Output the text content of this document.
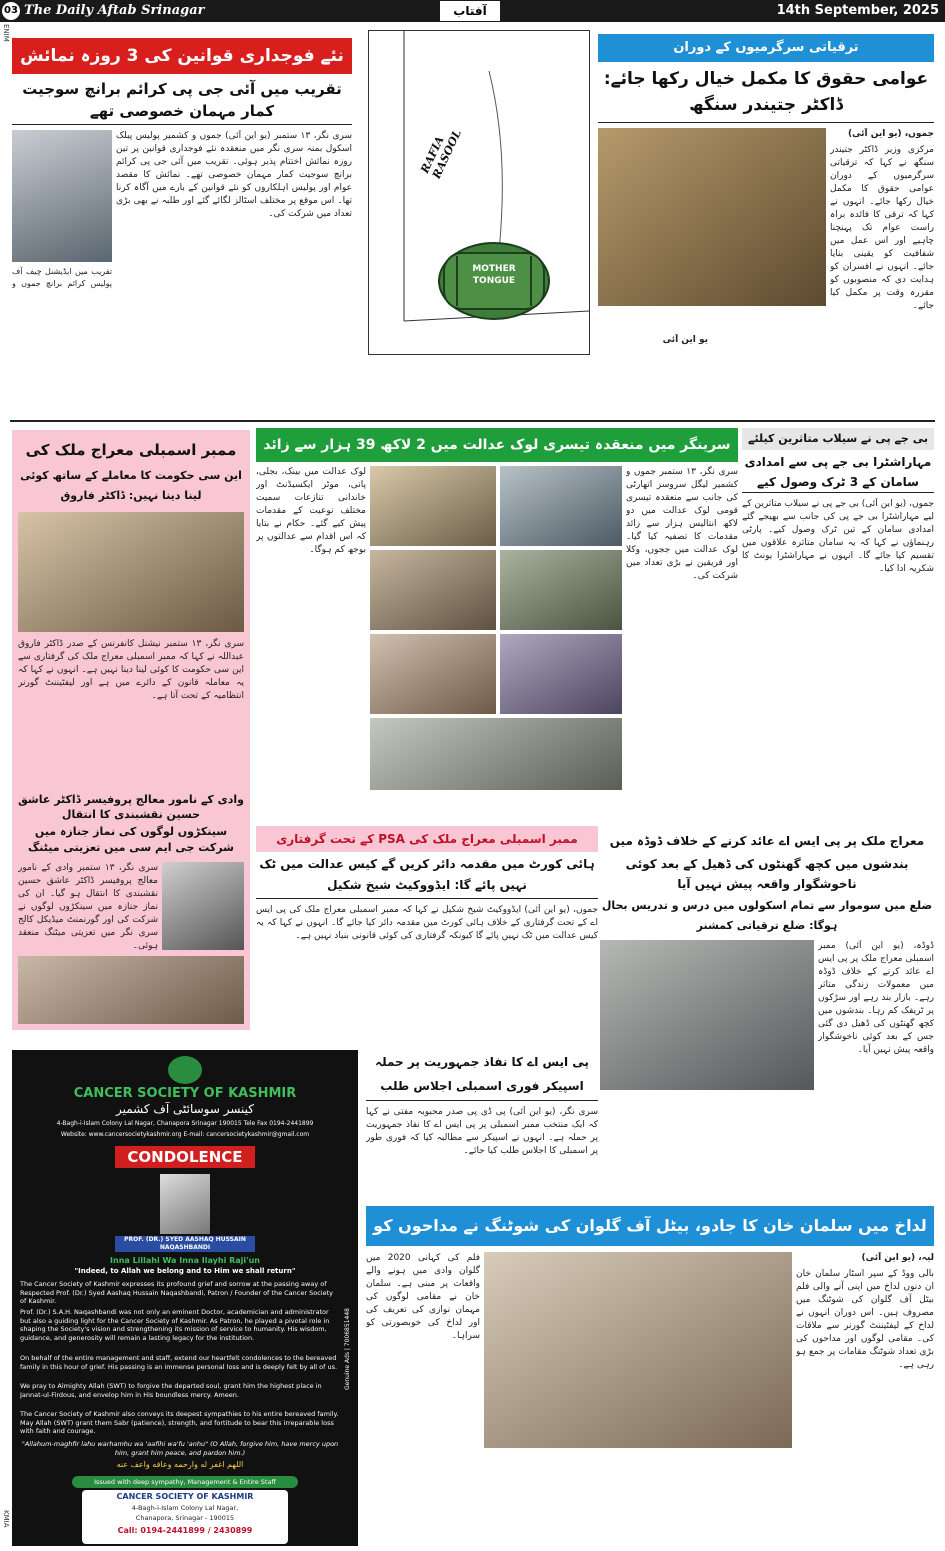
03 The Daily Aftab Srinagar	آفتاب	14th September, 2025
ENIM
KMIA
نئے فوجداری قوانین کی 3 روزہ نمائش
تقریب میں آئی جی پی کرائم برانچ سوجیت کمار مہمان خصوصی تھے
تقریب میں ایڈیشنل چیف آف پولیس کرائم برانچ جموں و
سری نگر، ۱۳ ستمبر (یو این آئی) جموں و کشمیر پولیس پبلک اسکول بمنہ سری نگر میں منعقدہ نئے فوجداری قوانین پر تین روزہ نمائش اختتام پذیر ہوئی۔ تقریب میں آئی جی پی کرائم برانچ سوجیت کمار مہمان خصوصی تھے۔ نمائش کا مقصد عوام اور پولیس اہلکاروں کو نئے قوانین کے بارے میں آگاہ کرنا تھا۔ اس موقع پر مختلف اسٹالز لگائے گئے اور طلبہ نے بھی بڑی تعداد میں شرکت کی۔
RAFIA RASOOL
MOTHER TONGUE
ترقیاتی سرگرمیوں کے دوران
عوامی حقوق کا مکمل خیال رکھا جائے: ڈاکٹر جتیندر سنگھ
جموں، (یو این آئی)
مرکزی وزیر ڈاکٹر جتیندر سنگھ نے کہا کہ ترقیاتی سرگرمیوں کے دوران عوامی حقوق کا مکمل خیال رکھا جائے۔ انہوں نے کہا کہ ترقی کا فائدہ براہ راست عوام تک پہنچنا چاہیے اور اس عمل میں شفافیت کو یقینی بنایا جائے۔ انہوں نے افسران کو ہدایت دی کہ منصوبوں کو مقررہ وقت پر مکمل کیا جائے۔
یو این آئی
ممبر اسمبلی معراج ملک کی
این سی حکومت کا معاملے کے ساتھ کوئی لینا دینا نہیں: ڈاکٹر فاروق
سری نگر، ۱۳ ستمبر نیشنل کانفرنس کے صدر ڈاکٹر فاروق عبداللہ نے کہا کہ ممبر اسمبلی معراج ملک کی گرفتاری سے این سی حکومت کا کوئی لینا دینا نہیں ہے۔ انہوں نے کہا کہ یہ معاملہ قانون کے دائرے میں ہے اور لیفٹیننٹ گورنر انتظامیہ کے تحت آتا ہے۔
وادی کے نامور معالج پروفیسر ڈاکٹر عاشق حسین نقشبندی کا انتقال
سینکڑوں لوگوں کی نماز جنازہ میں شرکت جی ایم سی میں تعزیتی میٹنگ
سری نگر، ۱۳ ستمبر وادی کے نامور معالج پروفیسر ڈاکٹر عاشق حسین نقشبندی کا انتقال ہو گیا۔ ان کی نماز جنازہ میں سینکڑوں لوگوں نے شرکت کی اور گورنمنٹ میڈیکل کالج سری نگر میں تعزیتی میٹنگ منعقد ہوئی۔
سرینگر میں منعقدہ تیسری لوک عدالت میں 2 لاکھ 39 ہزار سے زائد
سری نگر، ۱۳ ستمبر جموں و کشمیر لیگل سروسز اتھارٹی کی جانب سے منعقدہ تیسری قومی لوک عدالت میں دو لاکھ انتالیس ہزار سے زائد مقدمات کا تصفیہ کیا گیا۔ لوک عدالت میں ججوں، وکلا اور فریقین نے بڑی تعداد میں شرکت کی۔
لوک عدالت میں بینک، بجلی، پانی، موٹر ایکسیڈنٹ اور خاندانی تنازعات سمیت مختلف نوعیت کے مقدمات پیش کیے گئے۔ حکام نے بتایا کہ اس اقدام سے عدالتوں پر بوجھ کم ہوگا۔
بی جے پی نے سیلاب متاثرین کیلئے
مہاراشٹرا بی جے پی سے امدادی سامان کے 3 ٹرک وصول کیے
جموں، (یو این آئی) بی جے پی نے سیلاب متاثرین کے لیے مہاراشٹرا بی جے پی کی جانب سے بھیجے گئے امدادی سامان کے تین ٹرک وصول کیے۔ پارٹی رہنماؤں نے کہا کہ یہ سامان متاثرہ علاقوں میں تقسیم کیا جائے گا۔ انہوں نے مہاراشٹرا یونٹ کا شکریہ ادا کیا۔
ممبر اسمبلی معراج ملک کی PSA کے تحت گرفتاری
ہائی کورٹ میں مقدمہ دائر کریں گے کیس عدالت میں ٹک نہیں پائے گا: ایڈووکیٹ شیخ شکیل
جموں، (یو این آئی) ایڈووکیٹ شیخ شکیل نے کہا کہ ممبر اسمبلی معراج ملک کی پی ایس اے کے تحت گرفتاری کے خلاف ہائی کورٹ میں مقدمہ دائر کیا جائے گا۔ انہوں نے کہا کہ یہ کیس عدالت میں ٹک نہیں پائے گا کیونکہ گرفتاری کی کوئی قانونی بنیاد نہیں ہے۔
معراج ملک پر پی ایس اے عائد کرنے کے خلاف ڈوڈہ میں
بندشوں میں کچھ گھنٹوں کی ڈھیل کے بعد کوئی ناخوشگوار واقعہ پیش نہیں آیا
ضلع میں سوموار سے تمام اسکولوں میں درس و تدریس بحال ہوگا: ضلع ترقیاتی کمشنر
ڈوڈہ، (یو این آئی) ممبر اسمبلی معراج ملک پر پی ایس اے عائد کرنے کے خلاف ڈوڈہ میں معمولات زندگی متاثر رہے۔ بازار بند رہے اور سڑکوں پر ٹریفک کم رہا۔ بندشوں میں کچھ گھنٹوں کی ڈھیل دی گئی جس کے بعد کوئی ناخوشگوار واقعہ پیش نہیں آیا۔
پی ایس اے کا نفاذ جمہوریت پر حملہ اسپیکر فوری اسمبلی اجلاس طلب
سری نگر، (یو این آئی) پی ڈی پی صدر محبوبہ مفتی نے کہا کہ ایک منتخب ممبر اسمبلی پر پی ایس اے کا نفاذ جمہوریت پر حملہ ہے۔ انہوں نے اسپیکر سے مطالبہ کیا کہ فوری طور پر اسمبلی کا اجلاس طلب کیا جائے۔
CANCER SOCIETY OF KASHMIR
کینسر سوسائٹی آف کشمیر
4-Bagh-i-Islam Colony Lal Nagar, Chanapora Srinagar 190015 Tele Fax 0194-2441899
Website: www.cancersocietykashmir.org E-mail: cancersocietykashmir@gmail.com
CONDOLENCE
PROF. (DR.) SYED AASHAQ HUSSAIN NAQASHBANDI
Inna Lillahi Wa Inna Ilayhi Raji'un
"Indeed, to Allah we belong and to Him we shall return"
The Cancer Society of Kashmir expresses its profound grief and sorrow at the passing away of Respected Prof. (Dr.) Syed Aashaq Hussain Naqashbandi, Patron / Founder of the Cancer Society of Kashmir.
Prof. (Dr.) S.A.H. Naqashbandi was not only an eminent Doctor, academician and administrator but also a guiding light for the Cancer Society of Kashmir. As Patron, he played a pivotal role in shaping the Society's vision and strengthening its mission of service to humanity. His wisdom, guidance, and generosity will remain a lasting legacy for the institution.
On behalf of the entire management and staff, extend our heartfelt condolences to the bereaved family in this hour of grief. His passing is an immense personal loss and is deeply felt by all of us.
We pray to Almighty Allah (SWT) to forgive the departed soul, grant him the highest place in Jannat-ul-Firdous, and envelop him in His boundless mercy. Ameen.
The Cancer Society of Kashmir also conveys its deepest sympathies to his entire bereaved family. May Allah (SWT) grant them Sabr (patience), strength, and fortitude to bear this irreparable loss with faith and courage.
"Allahum-maghfir lahu warhamhu wa 'aafihi wa'fu 'anhu" (O Allah, forgive him, have mercy upon him, grant him peace, and pardon him.)
اللهم اغفر له وارحمه وعافه واعف عنه
Issued with deep sympathy, Management & Entire Staff
CANCER SOCIETY OF KASHMIR
4-Bagh-i-Islam Colony Lal Nagar,
Chanapora, Srinagar - 190015
Call: 0194-2441899 / 2430899
Genuine Ads | 7006851448
لداخ میں سلمان خان کا جادو، بیٹل آف گلوان کی شوٹنگ نے مداحوں کو
لیہ، (یو این آئی)
بالی ووڈ کے سپر اسٹار سلمان خان ان دنوں لداخ میں اپنی آنے والی فلم بیٹل آف گلوان کی شوٹنگ میں مصروف ہیں۔ اس دوران انہوں نے لداخ کے لیفٹیننٹ گورنر سے ملاقات کی۔ مقامی لوگوں اور مداحوں کی بڑی تعداد شوٹنگ مقامات پر جمع ہو رہی ہے۔
فلم کی کہانی 2020 میں گلوان وادی میں ہونے والے واقعات پر مبنی ہے۔ سلمان خان نے مقامی لوگوں کی مہمان نوازی کی تعریف کی اور لداخ کی خوبصورتی کو سراہا۔
